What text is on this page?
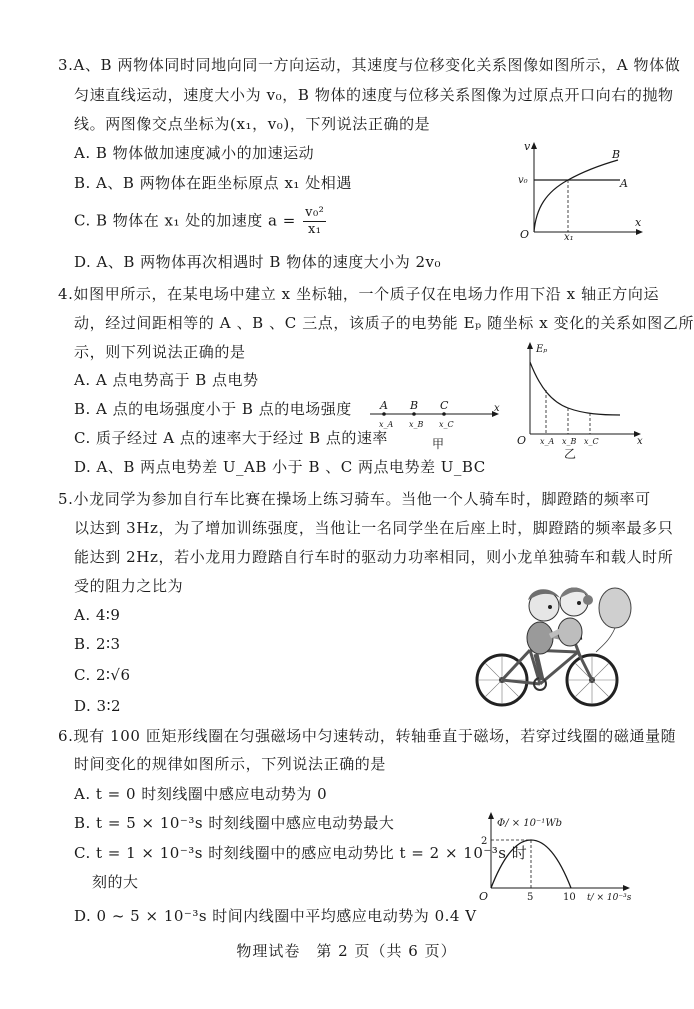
3.A、B 两物体同时同地向同一方向运动，其速度与位移变化关系图像如图所示，A 物体做
匀速直线运动，速度大小为 v₀，B 物体的速度与位移关系图像为过原点开口向右的抛物
线。两图像交点坐标为(x₁，v₀)，下列说法正确的是
A. B 物体做加速度减小的加速运动
B. A、B 两物体在距坐标原点 x₁ 处相遇
C. B 物体在 x₁ 处的加速度 $a = \frac{\text{v₀²}}{\text{x₁}}$
D. A、B 两物体再次相遇时 B 物体的速度大小为 2v₀
v
x
O
v₀
x₁
A
B
4.如图甲所示，在某电场中建立 x 坐标轴，一个质子仅在电场力作用下沿 x 轴正方向运
动，经过间距相等的 A 、B 、C 三点，该质子的电势能 Eₚ 随坐标 x 变化的关系如图乙所
示，则下列说法正确的是
A. A 点电势高于 B 点电势
B. A 点的电场强度小于 B 点的电场强度
C. 质子经过 A 点的速率大于经过 B 点的速率
D. A、B 两点电势差 U_AB 小于 B 、C 两点电势差 U_BC
A B C
x_A x_B x_C
x
甲
Eₚ
x
O x_A x_B x_C
乙
5.小龙同学为参加自行车比赛在操场上练习骑车。当他一个人骑车时，脚蹬踏的频率可
以达到 3Hz，为了增加训练强度，当他让一名同学坐在后座上时，脚蹬踏的频率最多只
能达到 2Hz，若小龙用力蹬踏自行车时的驱动力功率相同，则小龙单独骑车和载人时所
受的阻力之比为
A. 4∶9
B. 2∶3
C. 2∶√6
D. 3∶2
6.现有 100 匝矩形线圈在匀强磁场中匀速转动，转轴垂直于磁场，若穿过线圈的磁通量随
时间变化的规律如图所示，下列说法正确的是
A. t = 0 时刻线圈中感应电动势为 0
B. t = 5 × 10⁻³s 时刻线圈中感应电动势最大
C. t = 1 × 10⁻³s 时刻线圈中的感应电动势比 t = 2 × 10⁻³s 时
刻的大
D. 0 ~ 5 × 10⁻³s 时间内线圈中平均感应电动势为 0.4 V
Φ/ × 10⁻¹Wb
2
O	5	10 t/ × 10⁻³s
物理试卷　第 2 页（共 6 页）
